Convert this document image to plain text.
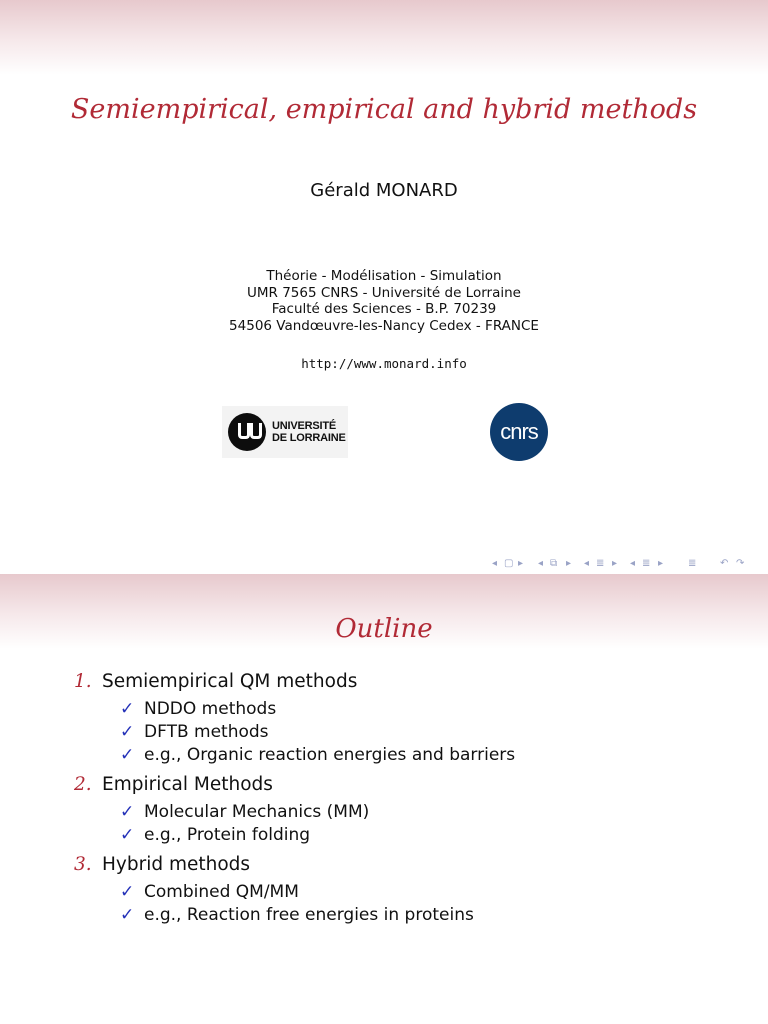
Semiempirical, empirical and hybrid methods
Gérald MONARD
Théorie - Modélisation - Simulation
UMR 7565 CNRS - Université de Lorraine
Faculté des Sciences - B.P. 70239
54506 Vandœuvre-les-Nancy Cedex - FRANCE
http://www.monard.info
UNIVERSITÉ
DE LORRAINE	cnrs
◂ ▢ ▸ ◂ ⧉ ▸ ◂ ≣ ▸ ◂ ≣ ▸ ≣ ↶ ↷
Outline
1. Semiempirical QM methods
✓ NDDO methods
✓ DFTB methods
✓ e.g., Organic reaction energies and barriers
2. Empirical Methods
✓ Molecular Mechanics (MM)
✓ e.g., Protein folding
3. Hybrid methods
✓ Combined QM/MM
✓ e.g., Reaction free energies in proteins
